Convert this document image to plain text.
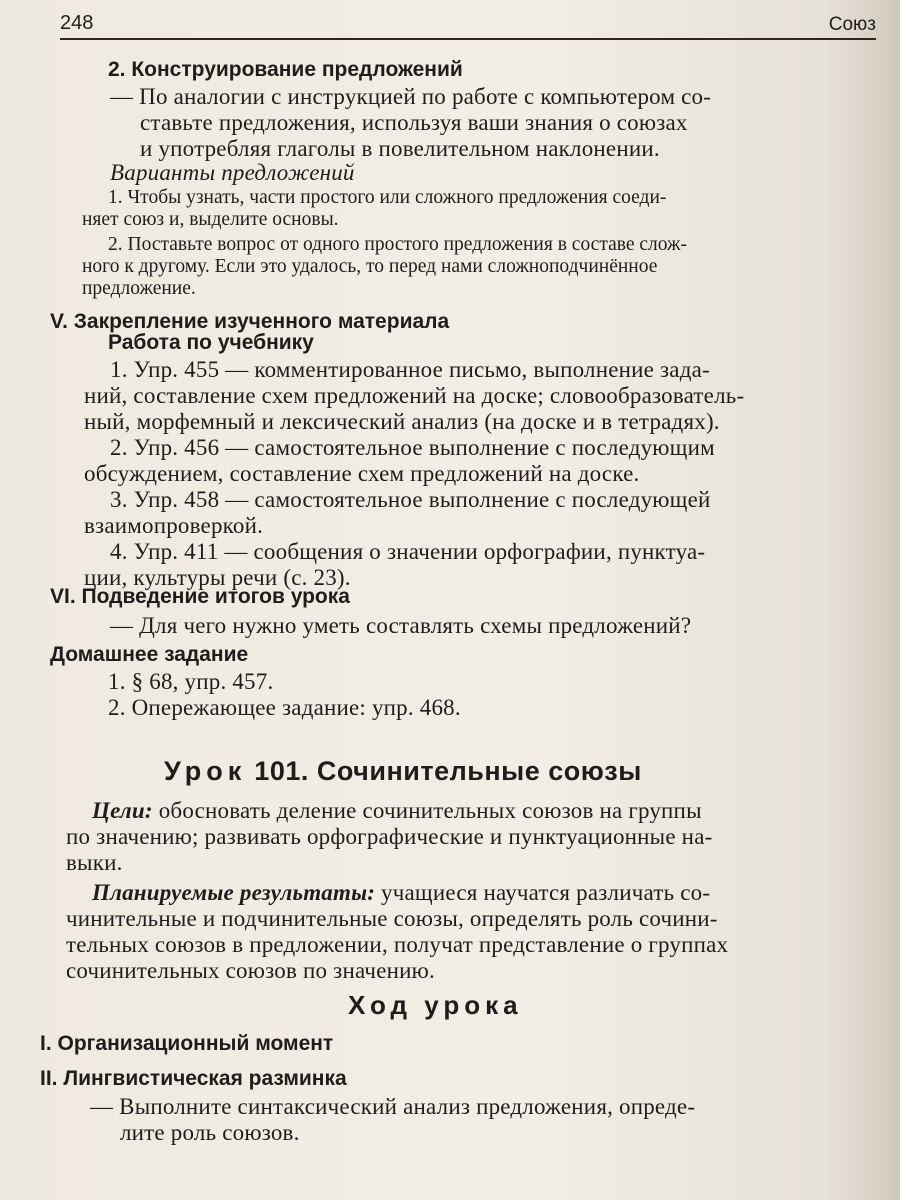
248	Союз
2. Конструирование предложений
— По аналогии с инструкцией по работе с компьютером со-
ставьте предложения, используя ваши знания о союзах
и употребляя глаголы в повелительном наклонении.
Варианты предложений
1. Чтобы узнать, части простого или сложного предложения соеди-
няет союз и, выделите основы.
2. Поставьте вопрос от одного простого предложения в составе слож-
ного к другому. Если это удалось, то перед нами сложноподчинённое
предложение.
V. Закрепление изученного материала
Работа по учебнику
1. Упр. 455 — комментированное письмо, выполнение зада-
ний, составление схем предложений на доске; словообразователь-
ный, морфемный и лексический анализ (на доске и в тетрадях).
2. Упр. 456 — самостоятельное выполнение с последующим
обсуждением, составление схем предложений на доске.
3. Упр. 458 — самостоятельное выполнение с последующей
взаимопроверкой.
4. Упр. 411 — сообщения о значении орфографии, пунктуа-
ции, культуры речи (с. 23).
VI. Подведение итогов урока
— Для чего нужно уметь составлять схемы предложений?
Домашнее задание
1. § 68, упр. 457.
2. Опережающее задание: упр. 468.
Урок 101. Сочинительные союзы
Цели: обосновать деление сочинительных союзов на группы
по значению; развивать орфографические и пунктуационные на-
выки.
Планируемые результаты: учащиеся научатся различать со-
чинительные и подчинительные союзы, определять роль сочини-
тельных союзов в предложении, получат представление о группах
сочинительных союзов по значению.
Ход урока
I. Организационный момент
II. Лингвистическая разминка
— Выполните синтаксический анализ предложения, опреде-
лите роль союзов.
